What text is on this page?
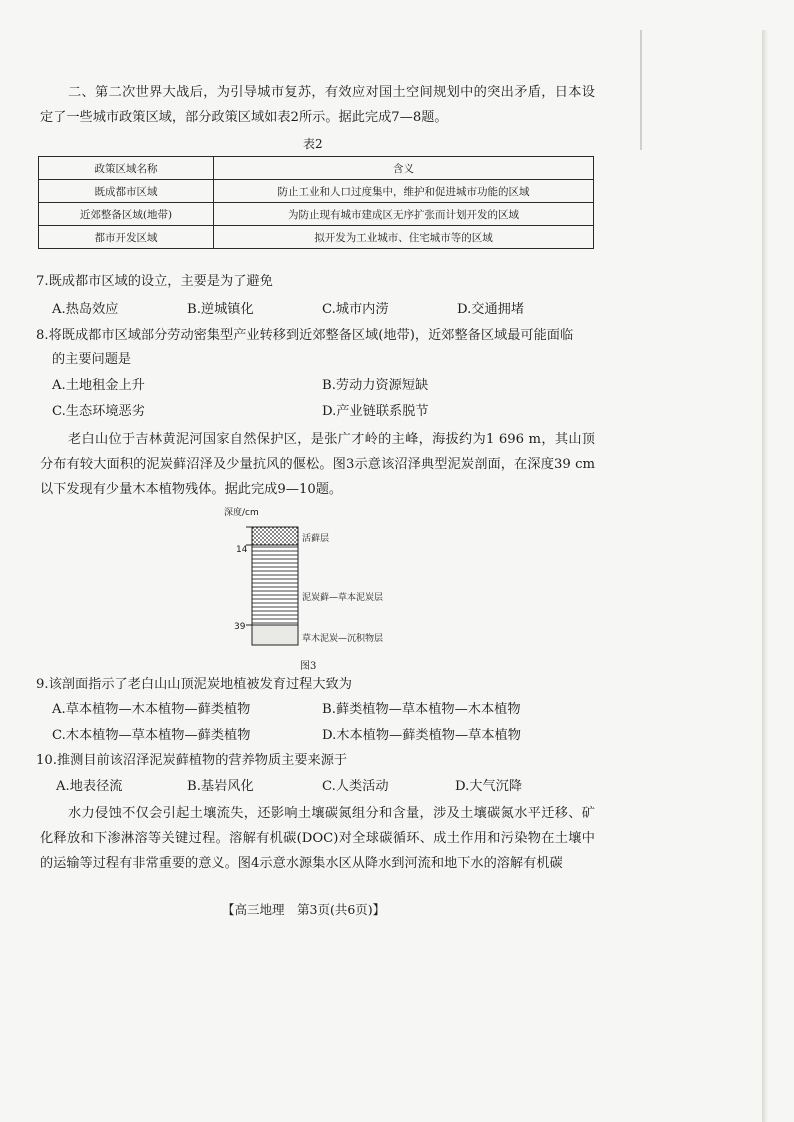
二、第二次世界大战后，为引导城市复苏，有效应对国土空间规划中的突出矛盾，日本设定了一些城市政策区域，部分政策区域如表2所示。据此完成7—8题。

表2
政策区域名称	含义
既成都市区域	防止工业和人口过度集中，维护和促进城市功能的区域
近郊整备区域(地带)	为防止现有城市建成区无序扩张而计划开发的区域
都市开发区域	拟开发为工业城市、住宅城市等的区域

7.既成都市区域的设立，主要是为了避免

A.热岛效应	B.逆城镇化	C.城市内涝	D.交通拥堵

8.将既成都市区域部分劳动密集型产业转移到近郊整备区域(地带)，近郊整备区域最可能面临

的主要问题是

A.土地租金上升	B.劳动力资源短缺
C.生态环境恶劣	D.产业链联系脱节

老白山位于吉林黄泥河国家自然保护区，是张广才岭的主峰，海拔约为1 696 m，其山顶分布有较大面积的泥炭藓沼泽及少量抗风的偃松。图3示意该沼泽典型泥炭剖面，在深度39 cm以下发现有少量木本植物残体。据此完成9—10题。

深度/cm
14
39
活藓层
泥炭藓—草本泥炭层
草木泥炭—沉积物层
图3

9.该剖面指示了老白山山顶泥炭地植被发育过程大致为

A.草本植物—木本植物—藓类植物	B.藓类植物—草本植物—木本植物
C.木本植物—草本植物—藓类植物	D.木本植物—藓类植物—草本植物

10.推测目前该沼泽泥炭藓植物的营养物质主要来源于

A.地表径流	B.基岩风化	C.人类活动	D.大气沉降

水力侵蚀不仅会引起土壤流失，还影响土壤碳氮组分和含量，涉及土壤碳氮水平迁移、矿化释放和下渗淋溶等关键过程。溶解有机碳(DOC)对全球碳循环、成土作用和污染物在土壤中的运输等过程有非常重要的意义。图4示意水源集水区从降水到河流和地下水的溶解有机碳

【高三地理　第3页(共6页)】
